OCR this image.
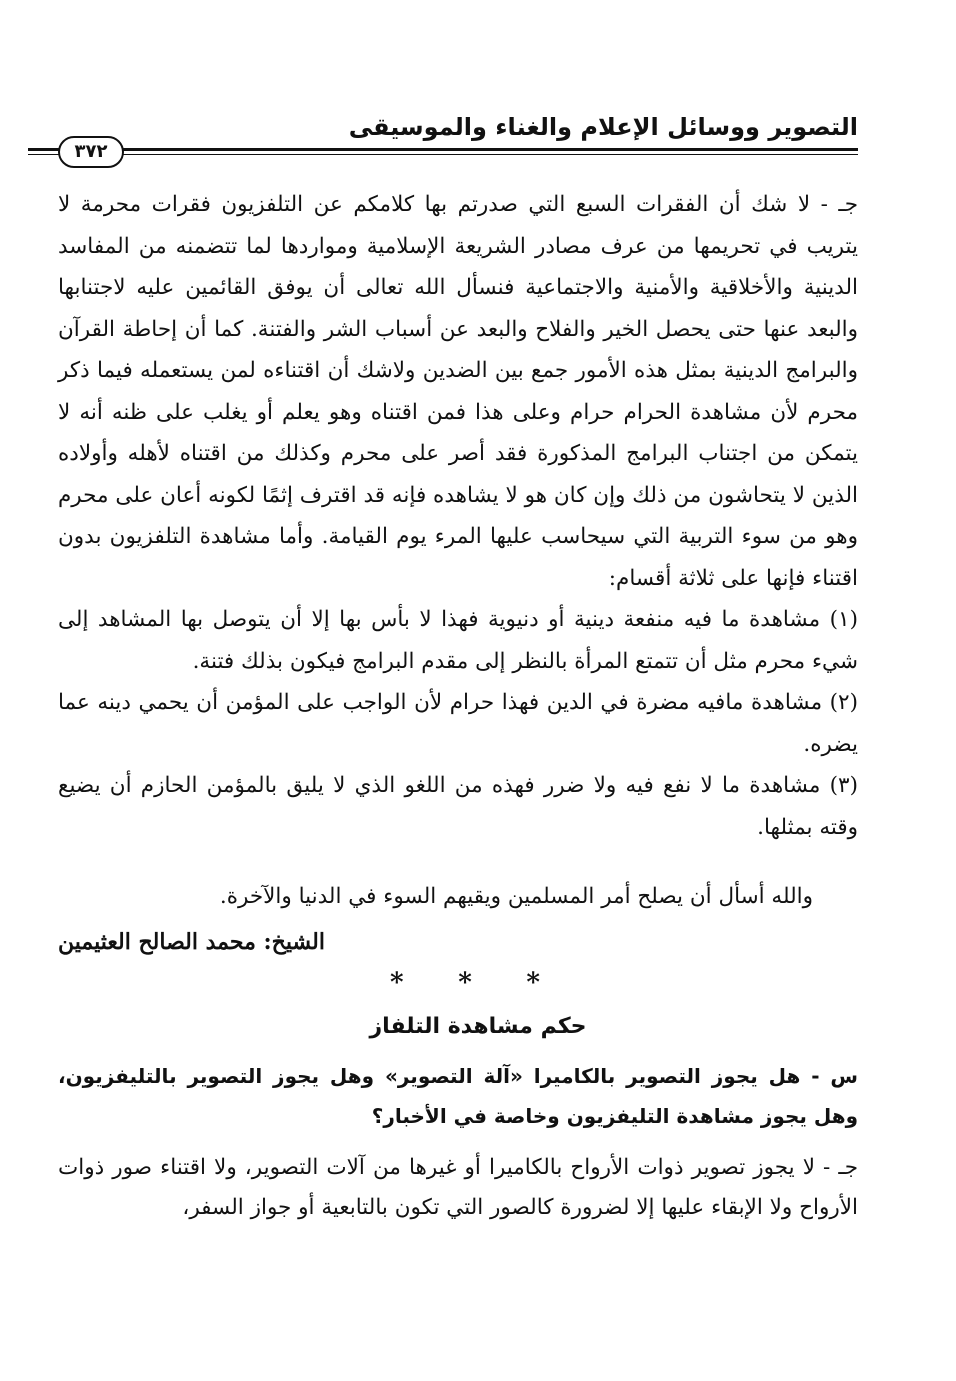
التصوير ووسائل الإعلام والغناء والموسيقى
٣٧٢

جـ - لا شك أن الفقرات السبع التي صدرتم بها كلامكم عن التلفزيون فقرات محرمة لا يتريب في تحريمها من عرف مصادر الشريعة الإسلامية ومواردها لما تتضمنه من المفاسد الدينية والأخلاقية والأمنية والاجتماعية فنسأل الله تعالى أن يوفق القائمين عليه لاجتنابها والبعد عنها حتى يحصل الخير والفلاح والبعد عن أسباب الشر والفتنة. كما أن إحاطة القرآن والبرامج الدينية بمثل هذه الأمور جمع بين الضدين ولاشك أن اقتناءه لمن يستعمله فيما ذكر محرم لأن مشاهدة الحرام حرام وعلى هذا فمن اقتناه وهو يعلم أو يغلب على ظنه أنه لا يتمكن من اجتناب البرامج المذكورة فقد أصر على محرم وكذلك من اقتناه لأهله وأولاده الذين لا يتحاشون من ذلك وإن كان هو لا يشاهده فإنه قد اقترف إثمًا لكونه أعان على محرم وهو من سوء التربية التي سيحاسب عليها المرء يوم القيامة. وأما مشاهدة التلفزيون بدون اقتناء فإنها على ثلاثة أقسام:

(١) مشاهدة ما فيه منفعة دينية أو دنيوية فهذا لا بأس بها إلا أن يتوصل بها المشاهد إلى شيء محرم مثل أن تتمتع المرأة بالنظر إلى مقدم البرامج فيكون بذلك فتنة.

(٢) مشاهدة مافيه مضرة في الدين فهذا حرام لأن الواجب على المؤمن أن يحمي دينه عما يضره.

(٣) مشاهدة ما لا نفع فيه ولا ضرر فهذه من اللغو الذي لا يليق بالمؤمن الحازم أن يضيع وقته بمثلها.

والله أسأل أن يصلح أمر المسلمين ويقيهم السوء في الدنيا والآخرة.
الشيخ: محمد الصالح العثيمين
* * *
حكم مشاهدة التلفاز
س - هل يجوز التصوير بالكاميرا «آلة التصوير» وهل يجوز التصوير بالتليفزيون، وهل يجوز مشاهدة التليفزيون وخاصة في الأخبار؟
جـ - لا يجوز تصوير ذوات الأرواح بالكاميرا أو غيرها من آلات التصوير، ولا اقتناء صور ذوات الأرواح ولا الإبقاء عليها إلا لضرورة كالصور التي تكون بالتابعية أو جواز السفر،
